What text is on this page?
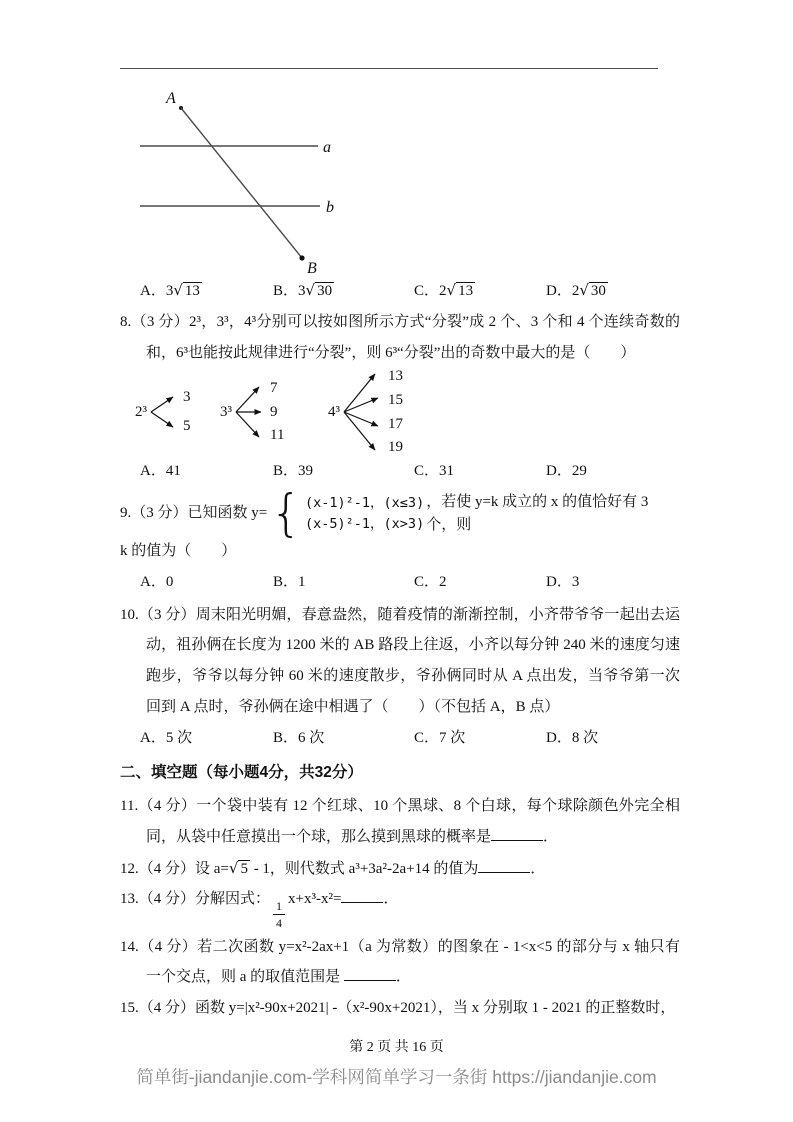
A
a
b
B
A．3√ 13	B．3√ 30	C．2√ 13	D．2√ 30

8.（3 分）2³，3³，4³分别可以按如图所示方式“分裂”成 2 个、3 个和 4 个连续奇数的和，6³也能按此规律进行“分裂”，则 6³“分裂”出的奇数中最大的是（　　）

2³
3
5
3³
7
9
11
4³
13
15
17
19
A．41	B．39	C．31	D．29
9.（3 分）已知函数 y= { (x-1)²-1，(x≤3)
(x-5)²-1，(x>3)
，若使 y=k 成立的 x 的值恰好有 3 个，则
k 的值为（　　）
A．0	B．1	C．2	D．3

10.（3 分）周末阳光明媚，春意盎然，随着疫情的渐渐控制，小齐带爷爷一起出去运动，祖孙俩在长度为 1200 米的 AB 路段上往返，小齐以每分钟 240 米的速度匀速跑步，爷爷以每分钟 60 米的速度散步，爷孙俩同时从 A 点出发，当爷爷第一次回到 A 点时，爷孙俩在途中相遇了（　　）（不包括 A，B 点）

A．5 次	B．6 次	C．7 次	D．8 次
二、填空题（每小题4分，共32分）

11.（4 分）一个袋中装有 12 个红球、10 个黑球、8 个白球，每个球除颜色外完全相同，从袋中任意摸出一个球，那么摸到黑球的概率是	．

12.（4 分）设 a=√ 5 - 1，则代数式 a³+3a²-2a+14 的值为	．
13.（4 分）分解因式： $\frac{1}{4} x+x^3-x^2=$	．

14.（4 分）若二次函数 y=x²-2ax+1（a 为常数）的图象在 - 1<x<5 的部分与 x 轴只有一个交点，则 a 的取值范围是	．

15.（4 分）函数 y=|x²-90x+2021| -（x²-90x+2021），当 x 分别取 1 - 2021 的正整数时，

第 2 页 共 16 页
简单街-jiandanjie.com-学科网简单学习一条街 https://jiandanjie.com
